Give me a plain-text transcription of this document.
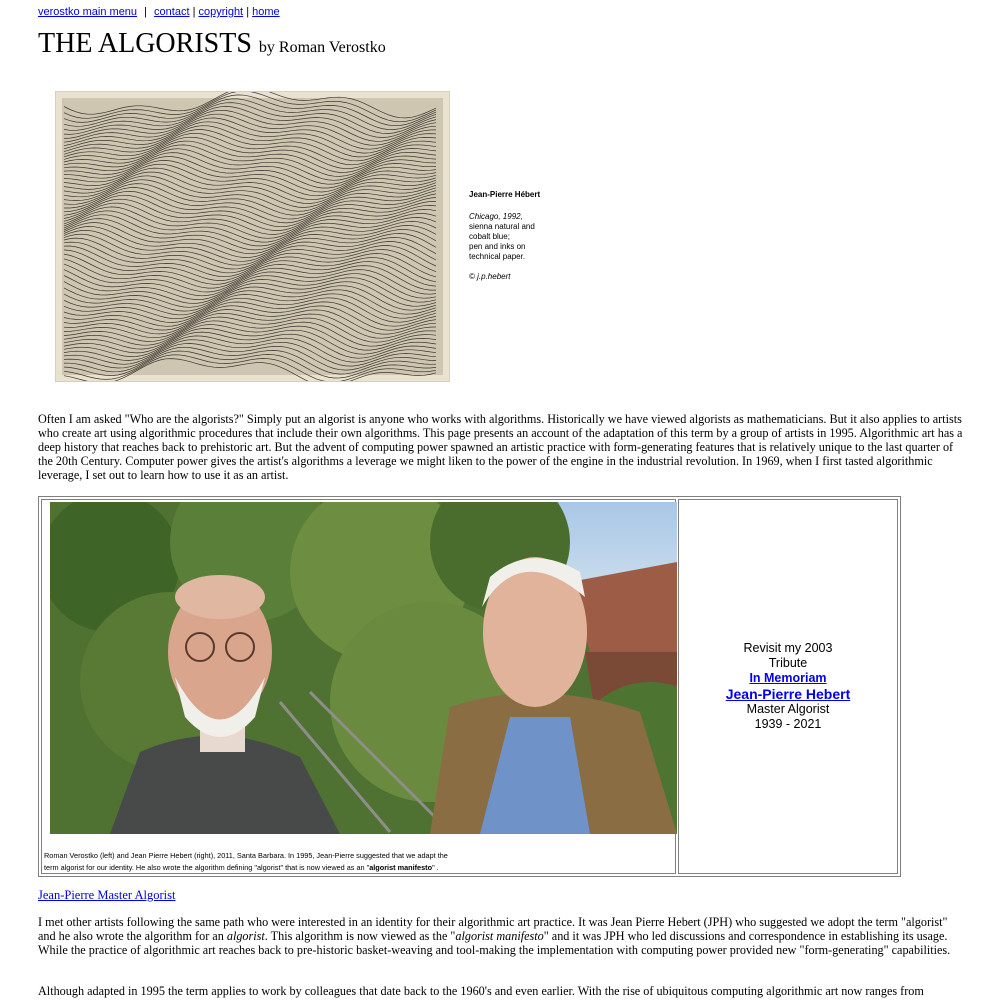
verostko main menu | contact | copyright | home
THE ALGORISTS by Roman Verostko
Jean-Pierre Hébert
Chicago, 1992,
sienna natural and
cobalt blue;
pen and inks on
technical paper.
© j.p.hebert

Often I am asked "Who are the algorists?" Simply put an algorist is anyone who works with algorithms. Historically we have viewed algorists as mathematicians. But it also applies to artists who create art using algorithmic procedures that include their own algorithms. This page presents an account of the adaptation of this term by a group of artists in 1995. Algorithmic art has a deep history that reaches back to prehistoric art. But the advent of computing power spawned an artistic practice with form-generating features that is relatively unique to the last quarter of the 20th Century. Computer power gives the artist's algorithms a leverage we might liken to the power of the engine in the industrial revolution. In 1969, when I first tasted algorithmic leverage, I set out to learn how to use it as an artist.

Roman Verostko (left) and Jean Pierre Hebert (right), 2011, Santa Barbara. In 1995, Jean-Pierre suggested that we adapt the
term algorist for our identity. He also wrote the algorithm defining "algorist" that is now viewed as an "algorist manifesto" .
Revisit my 2003
Tribute
In Memoriam
Jean-Pierre Hebert
Master Algorist
1939 - 2021
Jean-Pierre Master Algorist

I met other artists following the same path who were interested in an identity for their algorithmic art practice. It was Jean Pierre Hebert (JPH) who suggested we adopt the term "algorist" and he also wrote the algorithm for an algorist. This algorithm is now viewed as the "algorist manifesto" and it was JPH who led discussions and correspondence in establishing its usage. While the practice of algorithmic art reaches back to pre-historic basket-weaving and tool-making the implementation with computing power provided new "form-generating" capabilities.

Although adapted in 1995 the term applies to work by colleagues that date back to the 1960's and even earlier. With the rise of ubiquitous computing algorithmic art now ranges from
